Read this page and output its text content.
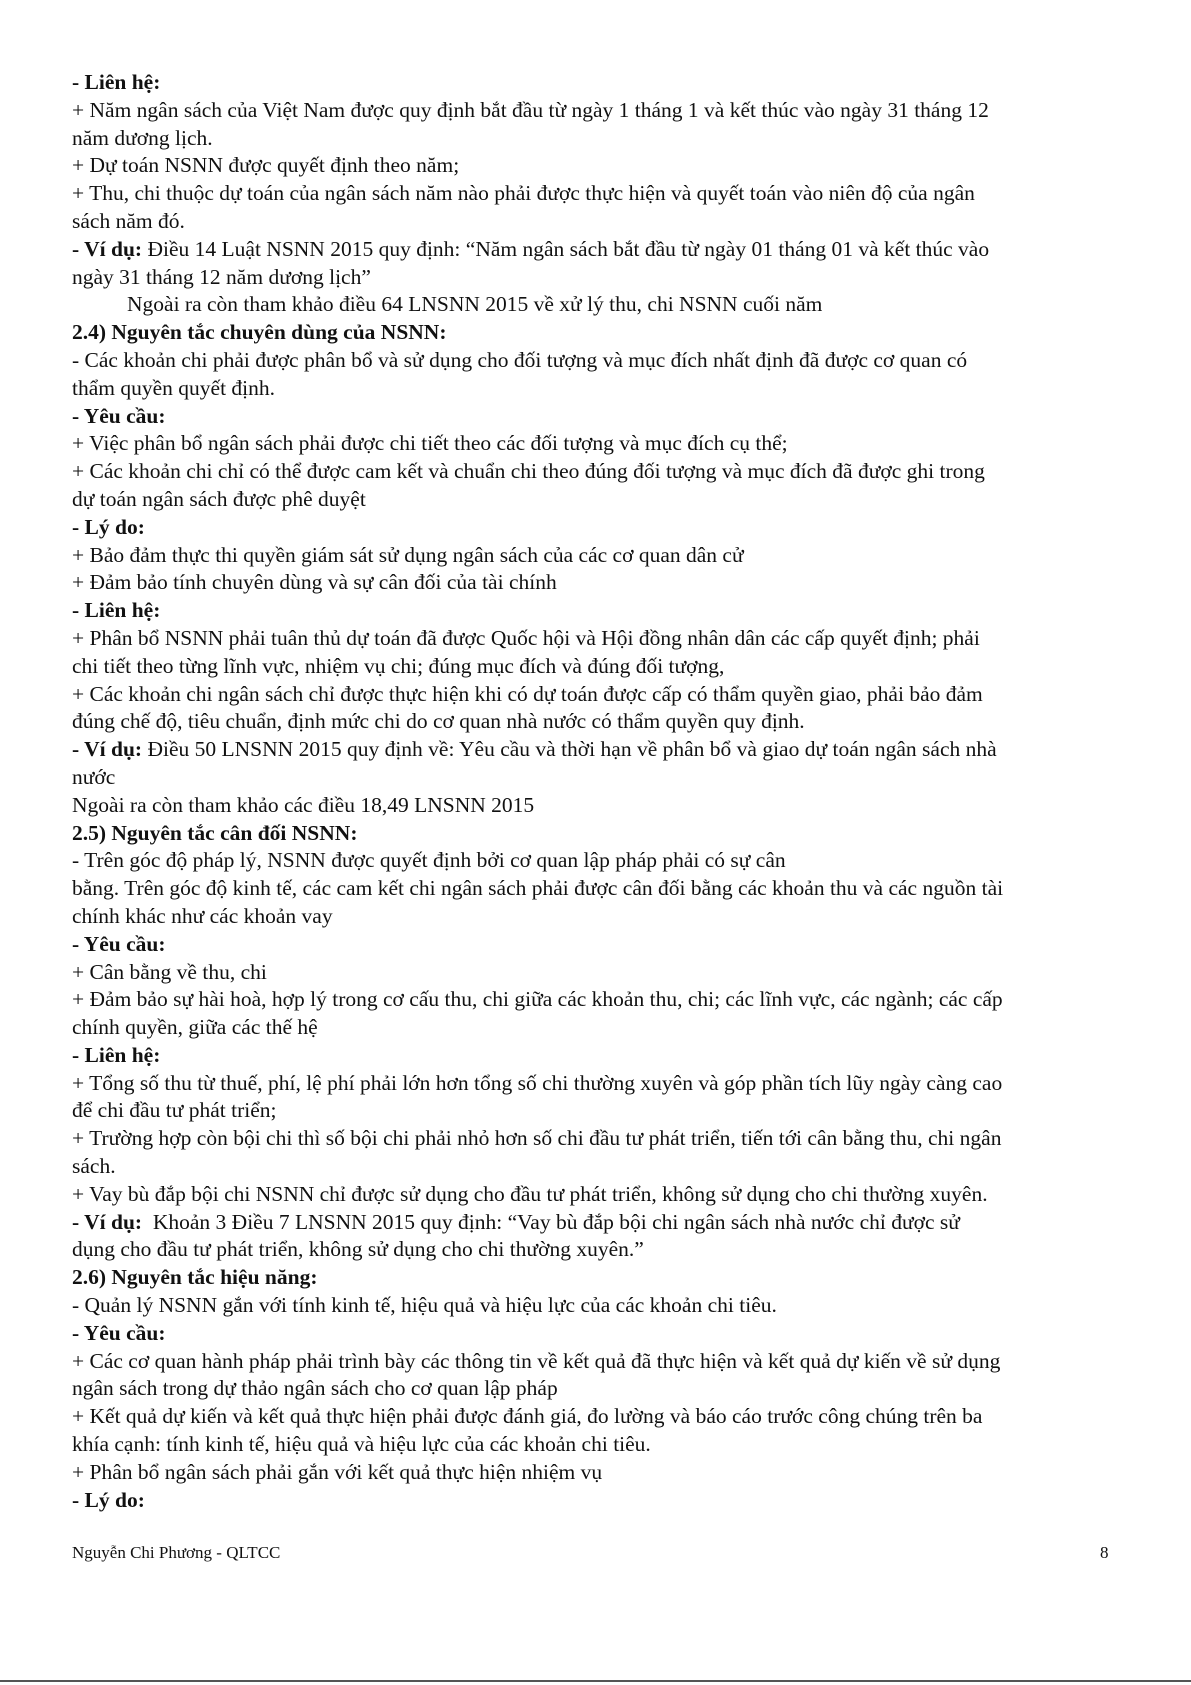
- Liên hệ:
+ Năm ngân sách của Việt Nam được quy định bắt đầu từ ngày 1 tháng 1 và kết thúc vào ngày 31 tháng 12
năm dương lịch.
+ Dự toán NSNN được quyết định theo năm;
+ Thu, chi thuộc dự toán của ngân sách năm nào phải được thực hiện và quyết toán vào niên độ của ngân
sách năm đó.
- Ví dụ: Điều 14 Luật NSNN 2015 quy định: “Năm ngân sách bắt đầu từ ngày 01 tháng 01 và kết thúc vào
ngày 31 tháng 12 năm dương lịch”
Ngoài ra còn tham khảo điều 64 LNSNN 2015 về xử lý thu, chi NSNN cuối năm
2.4) Nguyên tắc chuyên dùng của NSNN:
- Các khoản chi phải được phân bổ và sử dụng cho đối tượng và mục đích nhất định đã được cơ quan có
thẩm quyền quyết định.
- Yêu cầu:
+ Việc phân bổ ngân sách phải được chi tiết theo các đối tượng và mục đích cụ thể;
+ Các khoản chi chỉ có thể được cam kết và chuẩn chi theo đúng đối tượng và mục đích đã được ghi trong
dự toán ngân sách được phê duyệt
- Lý do:
+ Bảo đảm thực thi quyền giám sát sử dụng ngân sách của các cơ quan dân cử
+ Đảm bảo tính chuyên dùng và sự cân đối của tài chính
- Liên hệ:
+ Phân bổ NSNN phải tuân thủ dự toán đã được Quốc hội và Hội đồng nhân dân các cấp quyết định; phải
chi tiết theo từng lĩnh vực, nhiệm vụ chi; đúng mục đích và đúng đối tượng,
+ Các khoản chi ngân sách chỉ được thực hiện khi có dự toán được cấp có thẩm quyền giao, phải bảo đảm
đúng chế độ, tiêu chuẩn, định mức chi do cơ quan nhà nước có thẩm quyền quy định.
- Ví dụ: Điều 50 LNSNN 2015 quy định về: Yêu cầu và thời hạn về phân bổ và giao dự toán ngân sách nhà
nước
Ngoài ra còn tham khảo các điều 18,49 LNSNN 2015
2.5) Nguyên tắc cân đối NSNN:
- Trên góc độ pháp lý, NSNN được quyết định bởi cơ quan lập pháp phải có sự cân
bằng. Trên góc độ kinh tế, các cam kết chi ngân sách phải được cân đối bằng các khoản thu và các nguồn tài
chính khác như các khoản vay
- Yêu cầu:
+ Cân bằng về thu, chi
+ Đảm bảo sự hài hoà, hợp lý trong cơ cấu thu, chi giữa các khoản thu, chi; các lĩnh vực, các ngành; các cấp
chính quyền, giữa các thế hệ
- Liên hệ:
+ Tổng số thu từ thuế, phí, lệ phí phải lớn hơn tổng số chi thường xuyên và góp phần tích lũy ngày càng cao
để chi đầu tư phát triển;
+ Trường hợp còn bội chi thì số bội chi phải nhỏ hơn số chi đầu tư phát triển, tiến tới cân bằng thu, chi ngân
sách.
+ Vay bù đắp bội chi NSNN chỉ được sử dụng cho đầu tư phát triển, không sử dụng cho chi thường xuyên.
- Ví dụ:  Khoản 3 Điều 7 LNSNN 2015 quy định: “Vay bù đắp bội chi ngân sách nhà nước chỉ được sử
dụng cho đầu tư phát triển, không sử dụng cho chi thường xuyên.”
2.6) Nguyên tắc hiệu năng:
- Quản lý NSNN gắn với tính kinh tế, hiệu quả và hiệu lực của các khoản chi tiêu.
- Yêu cầu:
+ Các cơ quan hành pháp phải trình bày các thông tin về kết quả đã thực hiện và kết quả dự kiến về sử dụng
ngân sách trong dự thảo ngân sách cho cơ quan lập pháp
+ Kết quả dự kiến và kết quả thực hiện phải được đánh giá, đo lường và báo cáo trước công chúng trên ba
khía cạnh: tính kinh tế, hiệu quả và hiệu lực của các khoản chi tiêu.
+ Phân bổ ngân sách phải gắn với kết quả thực hiện nhiệm vụ
- Lý do:
Nguyễn Chi Phương - QLTCC	8
